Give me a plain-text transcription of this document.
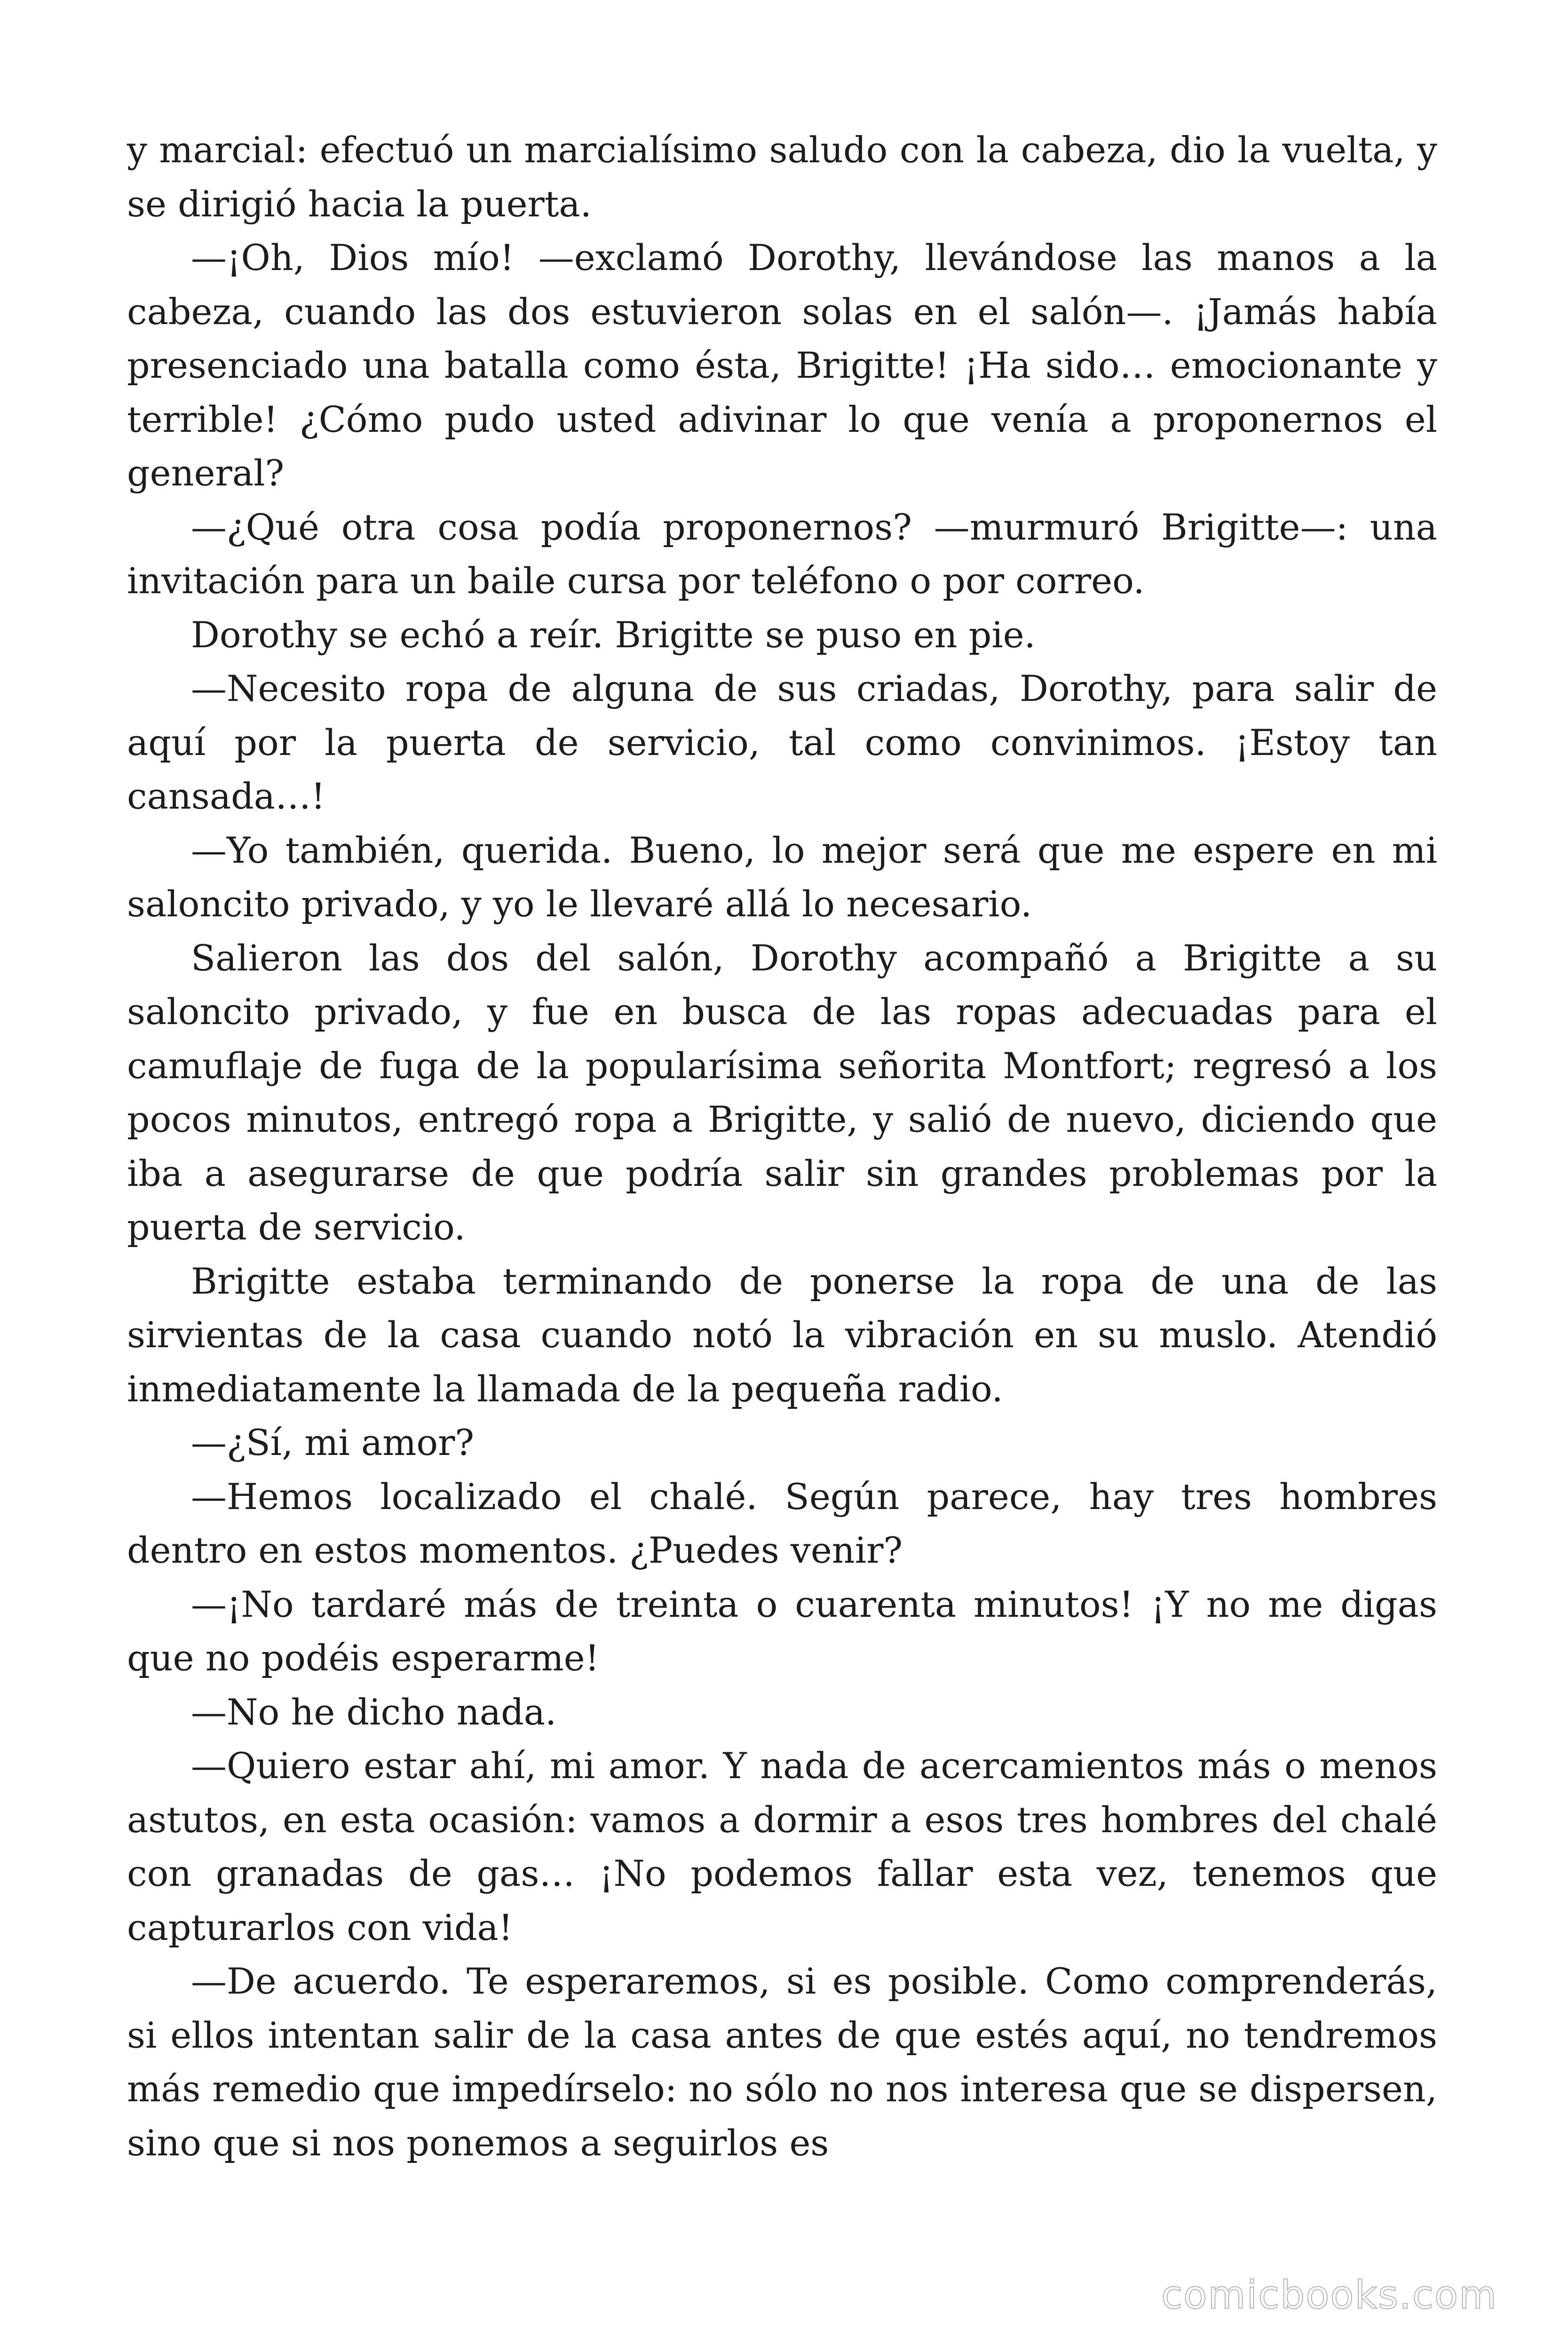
y marcial: efectuó un marcialísimo saludo con la cabeza, dio la vuelta, y se dirigió hacia la puerta.

—¡Oh, Dios mío! —exclamó Dorothy, llevándose las manos a la cabeza, cuando las dos estuvieron solas en el salón—. ¡Jamás había presenciado una batalla como ésta, Brigitte! ¡Ha sido… emocionante y terrible! ¿Cómo pudo usted adivinar lo que venía a proponernos el general?

—¿Qué otra cosa podía proponernos? —murmuró Brigitte—: una invitación para un baile cursa por teléfono o por correo.

Dorothy se echó a reír. Brigitte se puso en pie.

—Necesito ropa de alguna de sus criadas, Dorothy, para salir de aquí por la puerta de servicio, tal como convinimos. ¡Estoy tan cansada…!

—Yo también, querida. Bueno, lo mejor será que me espere en mi saloncito privado, y yo le llevaré allá lo necesario.

Salieron las dos del salón, Dorothy acompañó a Brigitte a su saloncito privado, y fue en busca de las ropas adecuadas para el camuflaje de fuga de la popularísima señorita Montfort; regresó a los pocos minutos, entregó ropa a Brigitte, y salió de nuevo, diciendo que iba a asegurarse de que podría salir sin grandes problemas por la puerta de servicio.

Brigitte estaba terminando de ponerse la ropa de una de las sirvientas de la casa cuando notó la vibración en su muslo. Atendió inmediatamente la llamada de la pequeña radio.

—¿Sí, mi amor?

—Hemos localizado el chalé. Según parece, hay tres hombres dentro en estos momentos. ¿Puedes venir?

—¡No tardaré más de treinta o cuarenta minutos! ¡Y no me digas que no podéis esperarme!

—No he dicho nada.

—Quiero estar ahí, mi amor. Y nada de acercamientos más o menos astutos, en esta ocasión: vamos a dormir a esos tres hombres del chalé con granadas de gas… ¡No podemos fallar esta vez, tenemos que capturarlos con vida!

—De acuerdo. Te esperaremos, si es posible. Como comprenderás, si ellos intentan salir de la casa antes de que estés aquí, no tendremos más remedio que impedírselo: no sólo no nos interesa que se dispersen, sino que si nos ponemos a seguirlos es

comicbooks.com
